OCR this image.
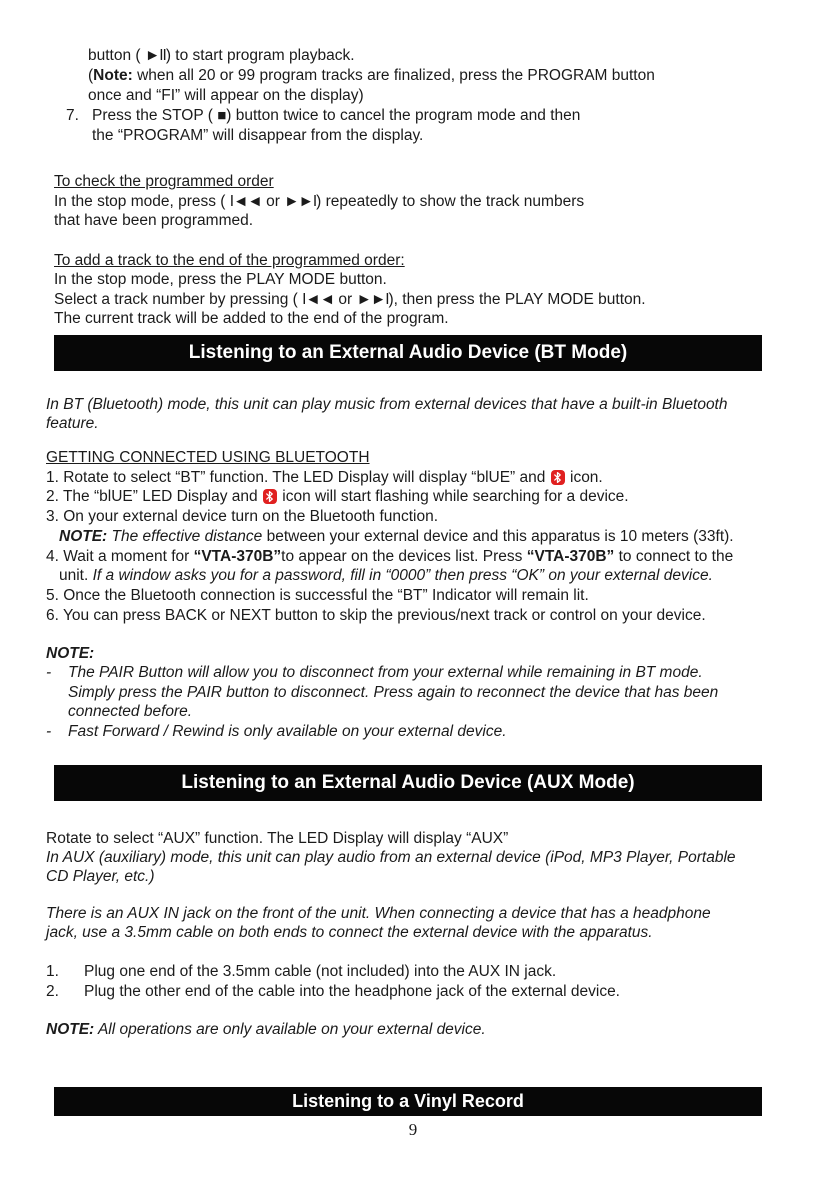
button ( ►II) to start program playback.
(Note: when all 20 or 99 program tracks are finalized, press the PROGRAM button
once and “FI” will appear on the display)
7. Press the STOP ( ■) button twice to cancel the program mode and then
the “PROGRAM” will disappear from the display.
To check the programmed order
In the stop mode, press ( I◄◄ or ►►I) repeatedly to show the track numbers
that have been programmed.
To add a track to the end of the programmed order:
In the stop mode, press the PLAY MODE button.
Select a track number by pressing ( I◄◄ or ►►I), then press the PLAY MODE button.
The current track will be added to the end of the program.
Listening to an External Audio Device (BT Mode)
In BT (Bluetooth) mode, this unit can play music from external devices that have a built-in Bluetooth
feature.
GETTING CONNECTED USING BLUETOOTH
1. Rotate to select “BT” function. The LED Display will display “blUE” and
icon.
2. The “blUE” LED Display and
icon will start flashing while searching for a device.
3. On your external device turn on the Bluetooth function.
NOTE: The effective distance between your external device and this apparatus is 10 meters (33ft).
4. Wait a moment for “VTA-370B”to appear on the devices list. Press “VTA-370B” to connect to the
unit. If a window asks you for a password, fill in “0000” then press “OK” on your external device.
5. Once the Bluetooth connection is successful the “BT” Indicator will remain lit.
6. You can press BACK or NEXT button to skip the previous/next track or control on your device.
NOTE:
-	The PAIR Button will allow you to disconnect from your external while remaining in BT mode.
Simply press the PAIR button to disconnect. Press again to reconnect the device that has been
connected before.
-	Fast Forward / Rewind is only available on your external device.
Listening to an External Audio Device (AUX Mode)
Rotate to select “AUX” function. The LED Display will display “AUX”
In AUX (auxiliary) mode, this unit can play audio from an external device (iPod, MP3 Player, Portable
CD Player, etc.)
There is an AUX IN jack on the front of the unit. When connecting a device that has a headphone
jack, use a 3.5mm cable on both ends to connect the external device with the apparatus.
1.	Plug one end of the 3.5mm cable (not included) into the AUX IN jack.
2.	Plug the other end of the cable into the headphone jack of the external device.
NOTE: All operations are only available on your external device.
Listening to a Vinyl Record
9
